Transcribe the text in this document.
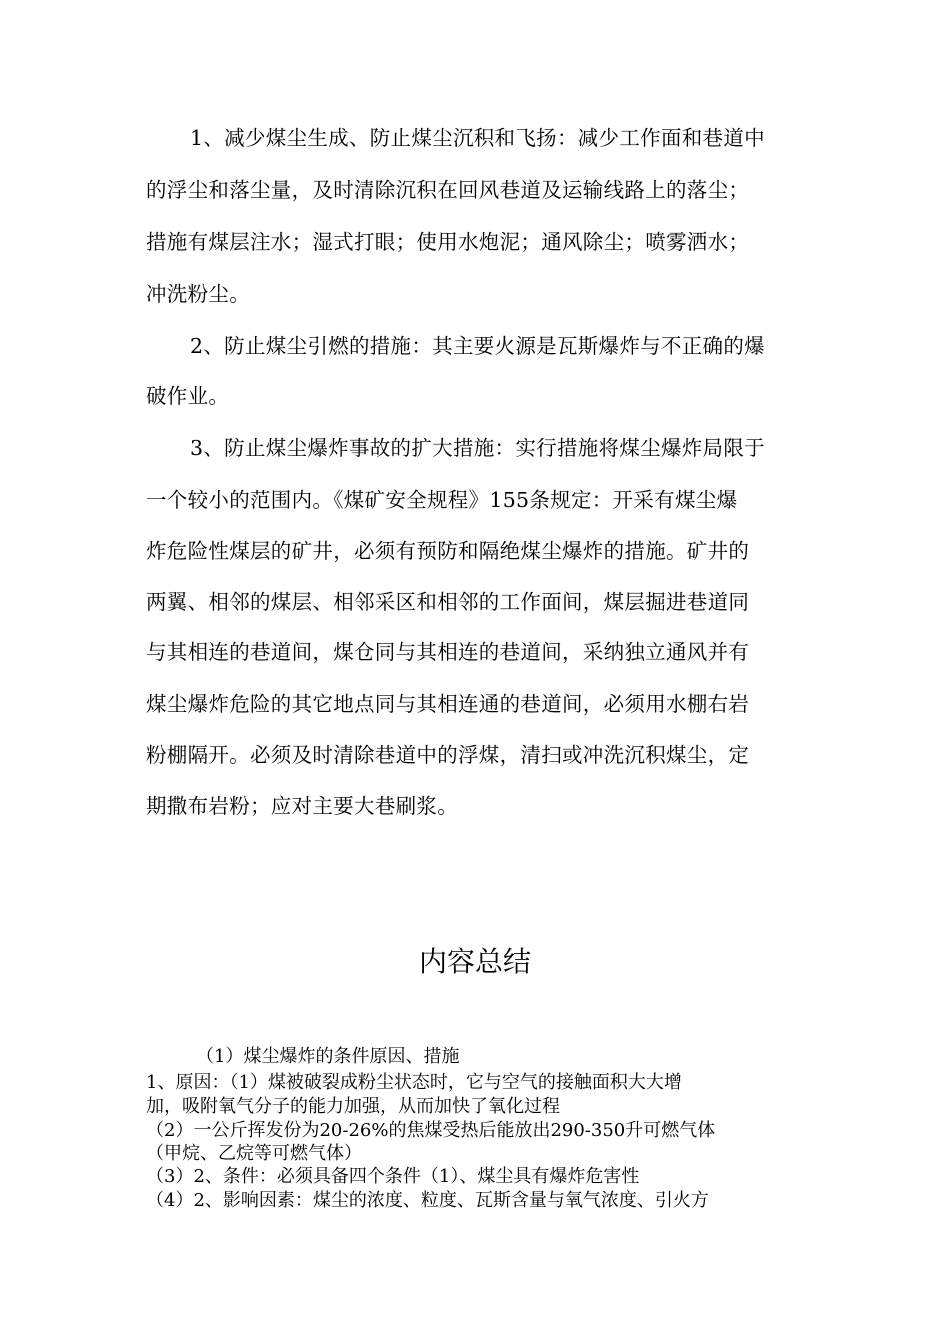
1、减少煤尘生成、防止煤尘沉积和飞扬：减少工作面和巷道中
的浮尘和落尘量，及时清除沉积在回风巷道及运输线路上的落尘；
措施有煤层注水；湿式打眼；使用水炮泥；通风除尘；喷雾洒水；
冲洗粉尘。
2、防止煤尘引燃的措施：其主要火源是瓦斯爆炸与不正确的爆
破作业。
3、防止煤尘爆炸事故的扩大措施：实行措施将煤尘爆炸局限于
一个较小的范围内。《煤矿安全规程》155条规定：开采有煤尘爆
炸危险性煤层的矿井，必须有预防和隔绝煤尘爆炸的措施。矿井的
两翼、相邻的煤层、相邻采区和相邻的工作面间，煤层掘进巷道同
与其相连的巷道间，煤仓同与其相连的巷道间，采纳独立通风并有
煤尘爆炸危险的其它地点同与其相连通的巷道间，必须用水棚右岩
粉棚隔开。必须及时清除巷道中的浮煤，清扫或冲洗沉积煤尘，定
期撒布岩粉；应对主要大巷刷浆。
内容总结
（1）煤尘爆炸的条件原因、措施
1、原因：（1）煤被破裂成粉尘状态时，它与空气的接触面积大大增
加，吸附氧气分子的能力加强，从而加快了氧化过程
（2）一公斤挥发份为20-26%的焦煤受热后能放出290-350升可燃气体
（甲烷、乙烷等可燃气体）
（3）2、条件：必须具备四个条件（1）、煤尘具有爆炸危害性
（4）2、影响因素：煤尘的浓度、粒度、瓦斯含量与氧气浓度、引火方
